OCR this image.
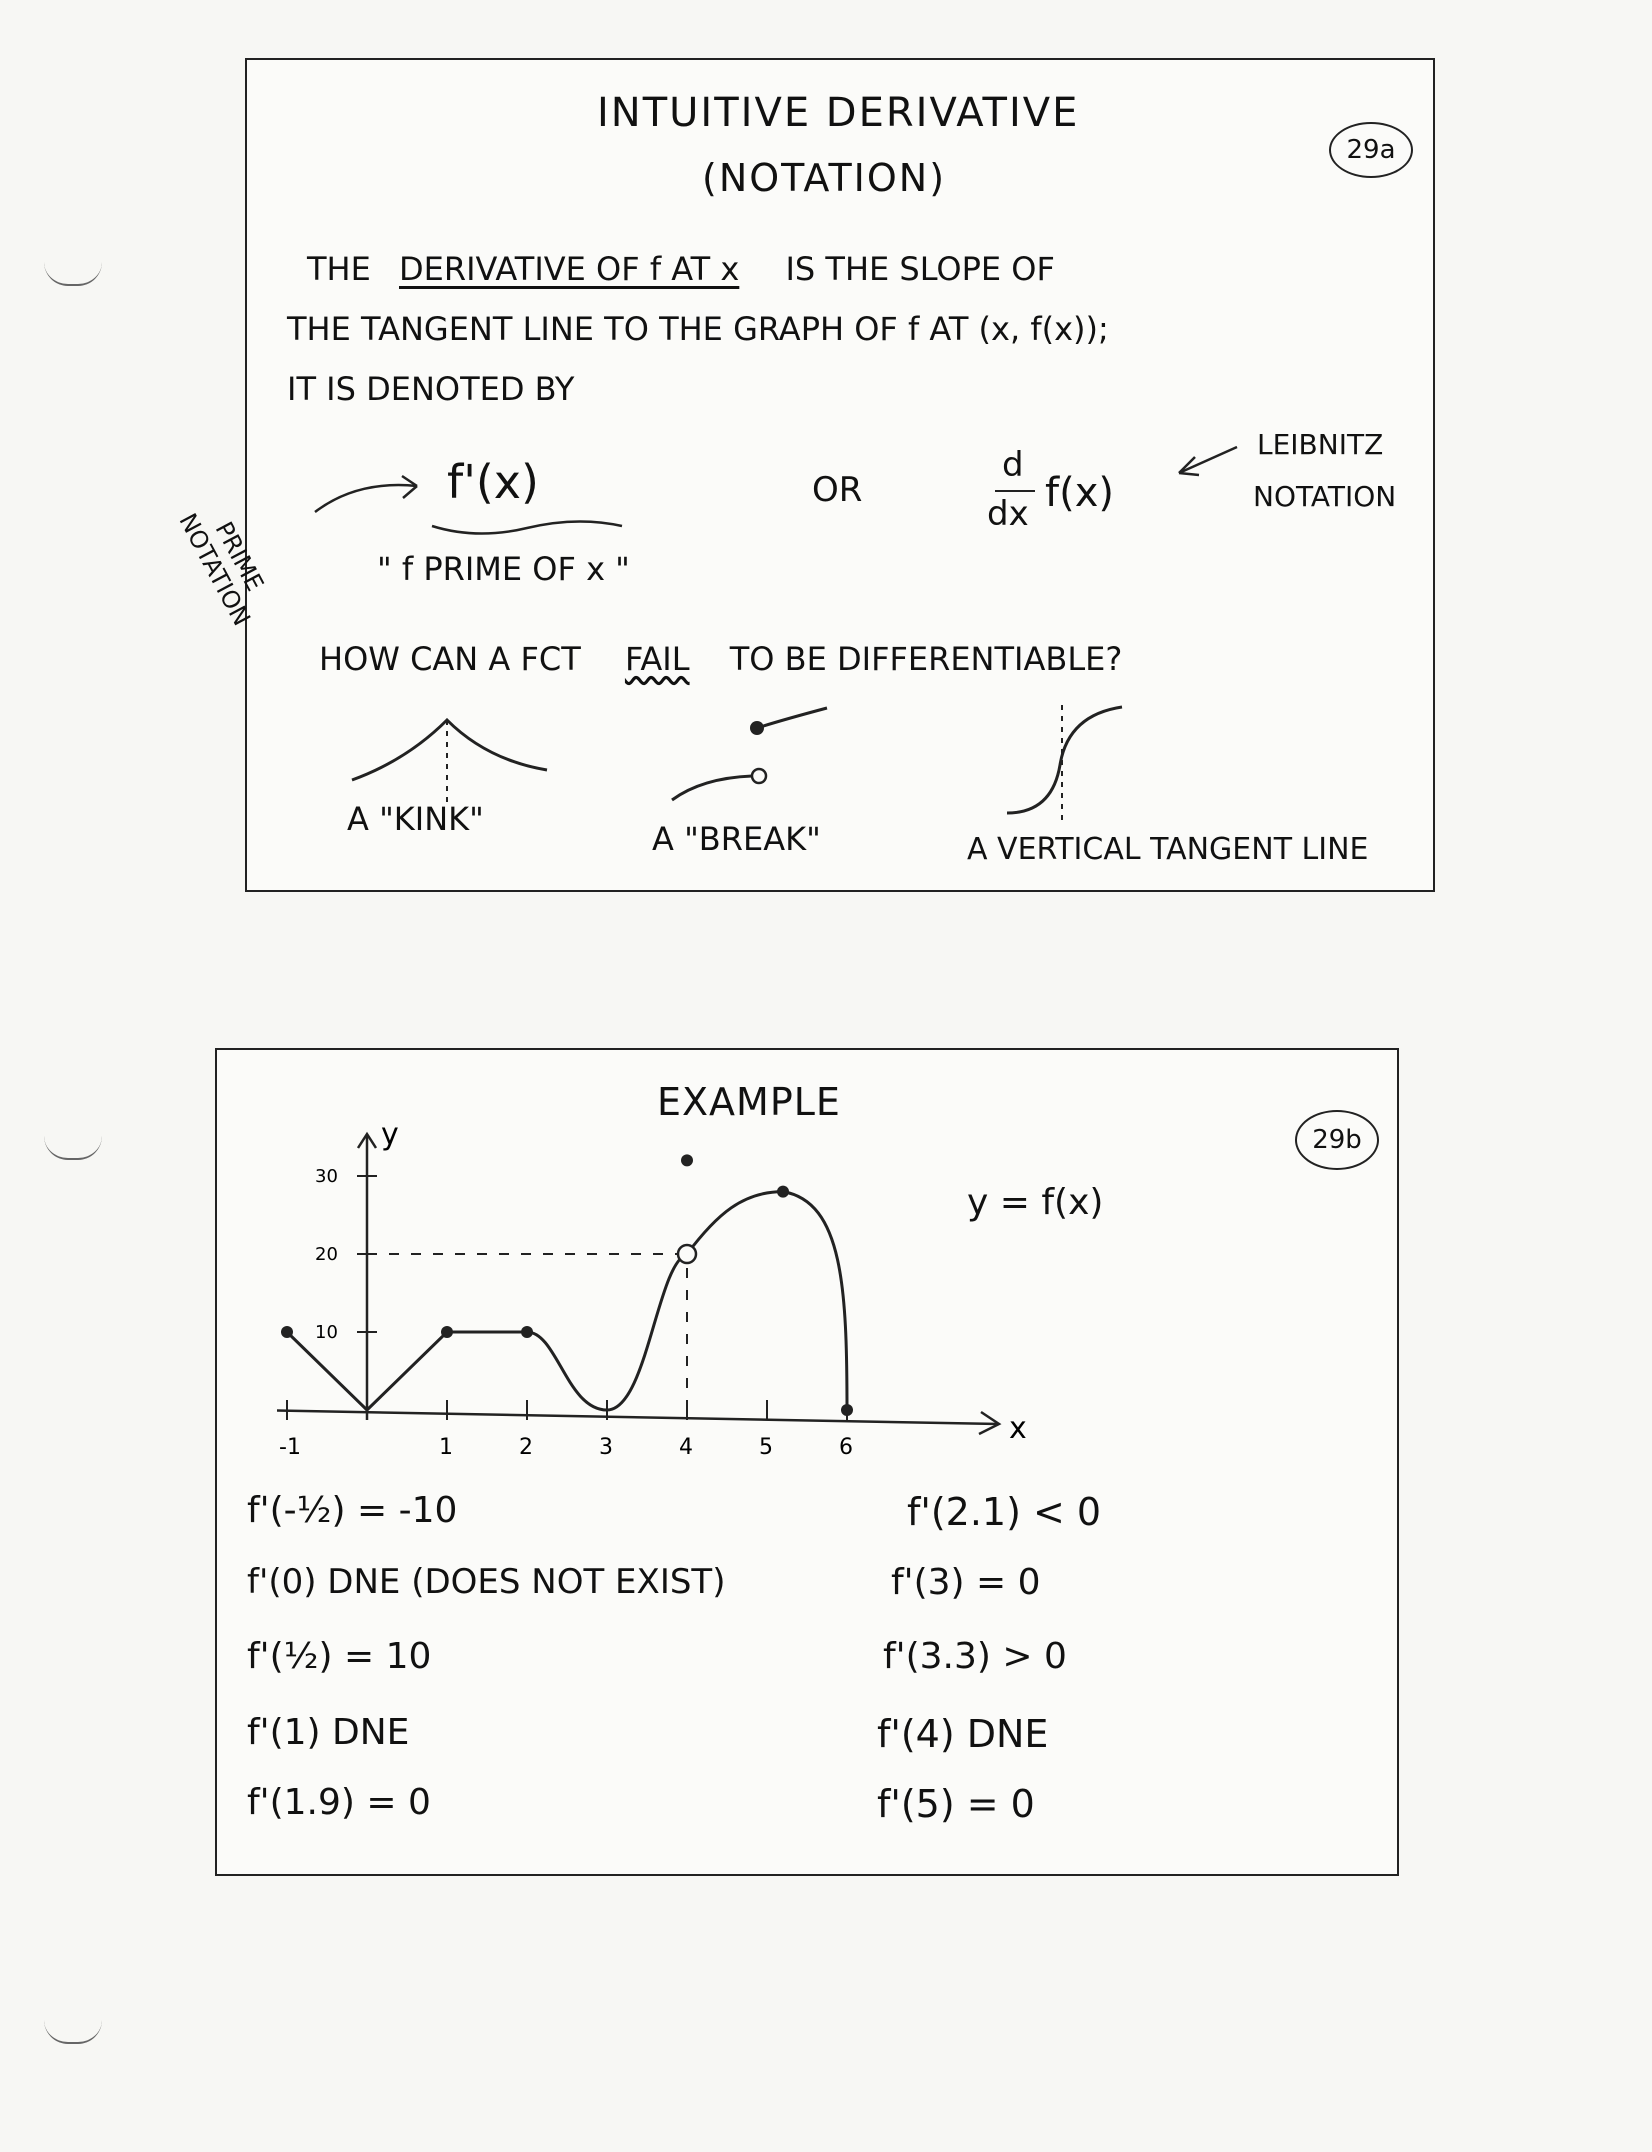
INTUITIVE DERIVATIVE
(NOTATION)
29a
THE DERIVATIVE OF f AT x IS THE SLOPE OF
THE TANGENT LINE TO THE GRAPH OF f AT (x, f(x));
IT IS DENOTED BY
f'(x)
" f PRIME OF x "
OR
d
dx f(x)
LEIBNITZ
NOTATION
PRIME NOTATION
HOW CAN A FCT FAIL TO BE DIFFERENTIABLE?
A "KINK"
A "BREAK"	A VERTICAL TANGENT LINE
EXAMPLE
29b
x
y
-1	1	2	3	4	5	6
10
20
30
y = f(x)
f'(-½) = -10
f'(0) DNE (DOES NOT EXIST)
f'(½) = 10
f'(1) DNE
f'(1.9) = 0
f'(2.1) < 0
f'(3) = 0
f'(3.3) > 0
f'(4) DNE
f'(5) = 0
